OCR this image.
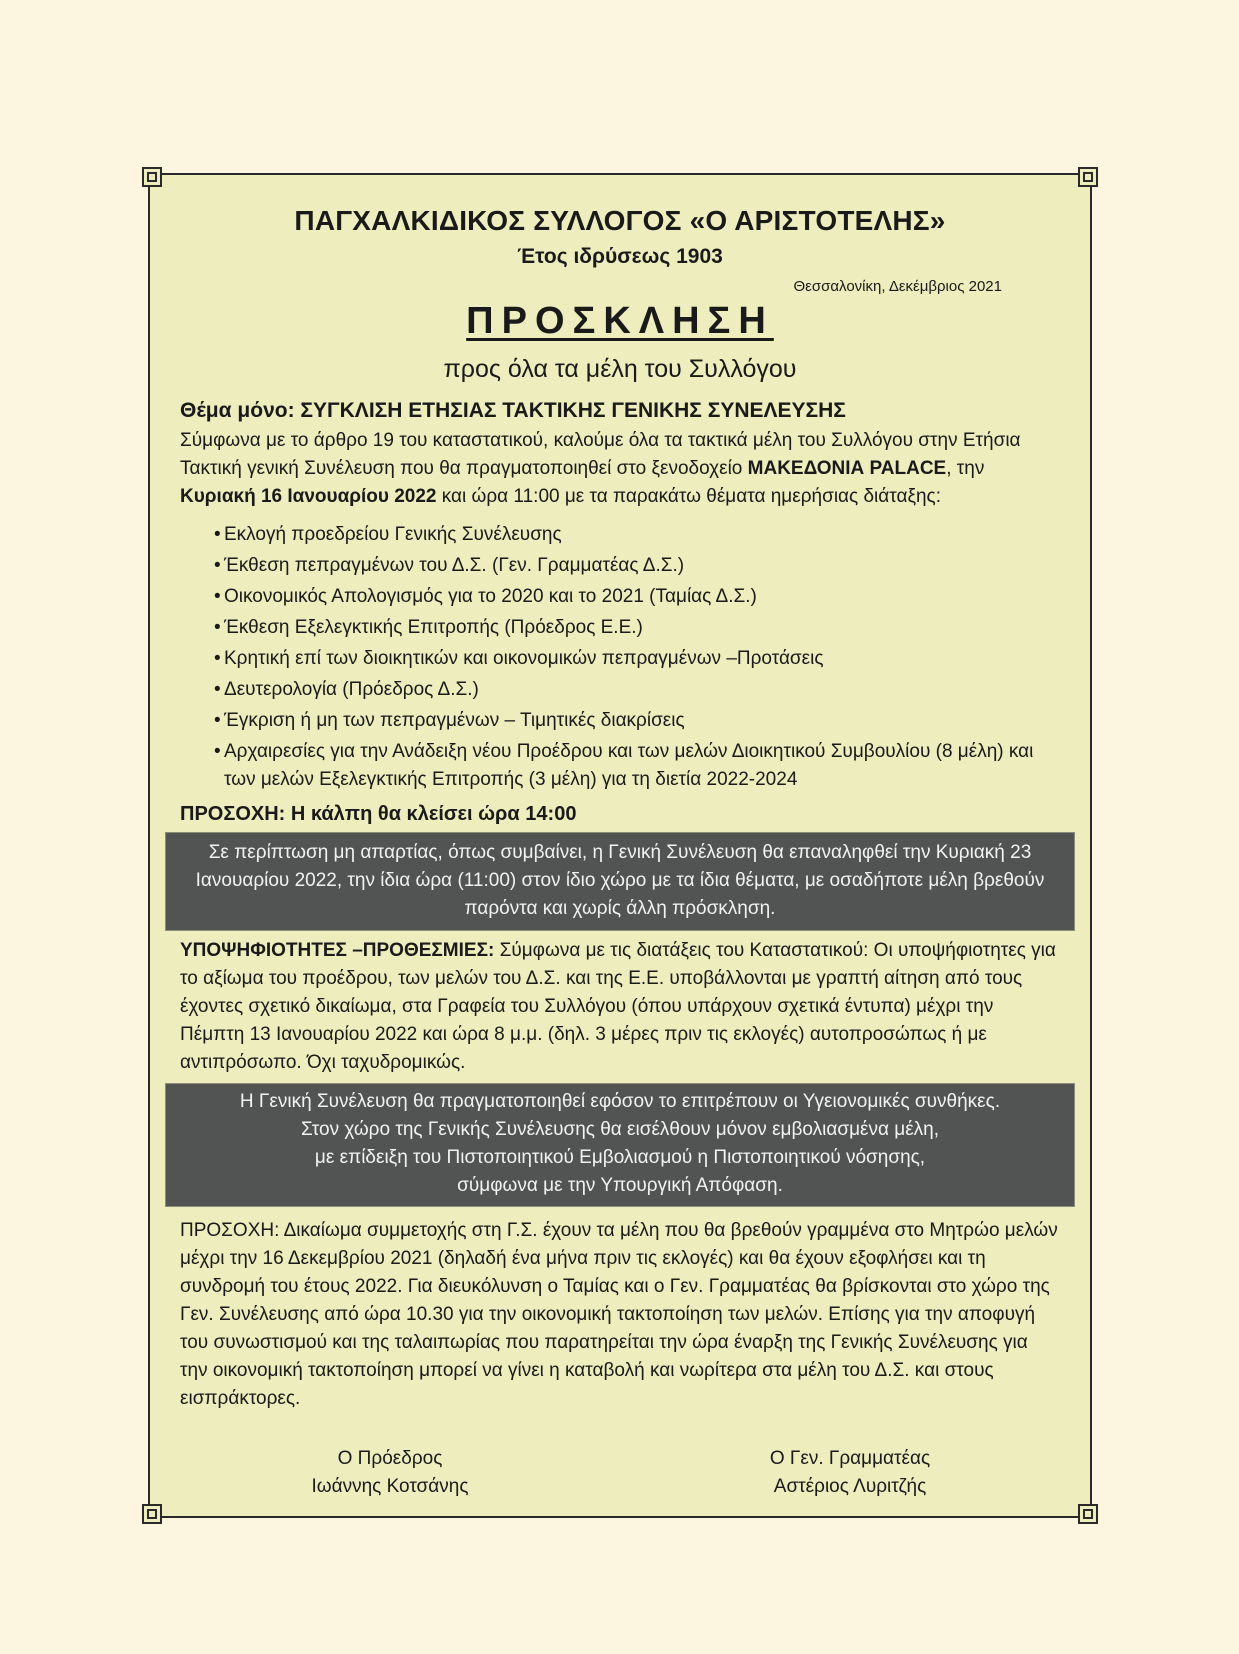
ΠΑΓΧΑΛΚΙΔΙΚΟΣ ΣΥΛΛΟΓΟΣ «Ο ΑΡΙΣΤΟΤΕΛΗΣ»
Έτος ιδρύσεως 1903
Θεσσαλονίκη, Δεκέμβριος 2021
ΠΡΟΣΚΛΗΣΗ
προς όλα τα μέλη του Συλλόγου
Θέμα μόνο: ΣΥΓΚΛΙΣΗ ΕΤΗΣΙΑΣ ΤΑΚΤΙΚΗΣ ΓΕΝΙΚΗΣ ΣΥΝΕΛΕΥΣΗΣ

Σύμφωνα με το άρθρο 19 του καταστατικού, καλούμε όλα τα τακτικά μέλη του Συλλόγου στην Ετήσια Τακτική γενική Συνέλευση που θα πραγματοποιηθεί στο ξενοδοχείο ΜΑΚΕΔΟΝΙΑ PALACE, την Κυριακή 16 Ιανουαρίου 2022 και ώρα 11:00 με τα παρακάτω θέματα ημερήσιας διάταξης:

• Εκλογή προεδρείου Γενικής Συνέλευσης
• Έκθεση πεπραγμένων του Δ.Σ. (Γεν. Γραμματέας Δ.Σ.)
• Οικονομικός Απολογισμός για το 2020 και το 2021 (Ταμίας Δ.Σ.)
• Έκθεση Εξελεγκτικής Επιτροπής (Πρόεδρος Ε.Ε.)
• Κρητική επί των διοικητικών και οικονομικών πεπραγμένων –Προτάσεις
• Δευτερολογία (Πρόεδρος Δ.Σ.)
• Έγκριση ή μη των πεπραγμένων – Τιμητικές διακρίσεις
• Αρχαιρεσίες για την Ανάδειξη νέου Προέδρου και των μελών Διοικητικού Συμβουλίου (8 μέλη) και των μελών Εξελεγκτικής Επιτροπής (3 μέλη) για τη διετία 2022-2024
ΠΡΟΣΟΧΗ: Η κάλπη θα κλείσει ώρα 14:00
Σε περίπτωση μη απαρτίας, όπως συμβαίνει, η Γενική Συνέλευση θα επαναληφθεί την Κυριακή 23 Ιανουαρίου 2022, την ίδια ώρα (11:00) στον ίδιο χώρο με τα ίδια θέματα, με οσαδήποτε μέλη βρεθούν παρόντα και χωρίς άλλη πρόσκληση.

ΥΠΟΨΗΦΙΟΤΗΤΕΣ –ΠΡΟΘΕΣΜΙΕΣ: Σύμφωνα με τις διατάξεις του Καταστατικού: Οι υποψήφιοτητες για το αξίωμα του προέδρου, των μελών του Δ.Σ. και της Ε.Ε. υποβάλλονται με γραπτή αίτηση από τους έχοντες σχετικό δικαίωμα, στα Γραφεία του Συλλόγου (όπου υπάρχουν σχετικά έντυπα) μέχρι την Πέμπτη 13 Ιανουαρίου 2022 και ώρα 8 μ.μ. (δηλ. 3 μέρες πριν τις εκλογές) αυτοπροσώπως ή με αντιπρόσωπο. Όχι ταχυδρομικώς.

Η Γενική Συνέλευση θα πραγματοποιηθεί εφόσον το επιτρέπουν οι Υγειονομικές συνθήκες.
Στον χώρο της Γενικής Συνέλευσης θα εισέλθουν μόνον εμβολιασμένα μέλη,
με επίδειξη του Πιστοποιητικού Εμβολιασμού η Πιστοποιητικού νόσησης,
σύμφωνα με την Υπουργική Απόφαση.

ΠΡΟΣΟΧΗ: Δικαίωμα συμμετοχής στη Γ.Σ. έχουν τα μέλη που θα βρεθούν γραμμένα στο Μητρώο μελών μέχρι την 16 Δεκεμβρίου 2021 (δηλαδή ένα μήνα πριν τις εκλογές) και θα έχουν εξοφλήσει και τη συνδρομή του έτους 2022. Για διευκόλυνση ο Ταμίας και ο Γεν. Γραμματέας θα βρίσκονται στο χώρο της Γεν. Συνέλευσης από ώρα 10.30 για την οικονομική τακτοποίηση των μελών. Επίσης για την αποφυγή του συνωστισμού και της ταλαιπωρίας που παρατηρείται την ώρα έναρξη της Γενικής Συνέλευσης για την οικονομική τακτοποίηση μπορεί να γίνει η καταβολή και νωρίτερα στα μέλη του Δ.Σ. και στους εισπράκτορες.

Ο Πρόεδρος
Ιωάννης Κοτσάνης
Ο Γεν. Γραμματέας
Αστέριος Λυριτζής
